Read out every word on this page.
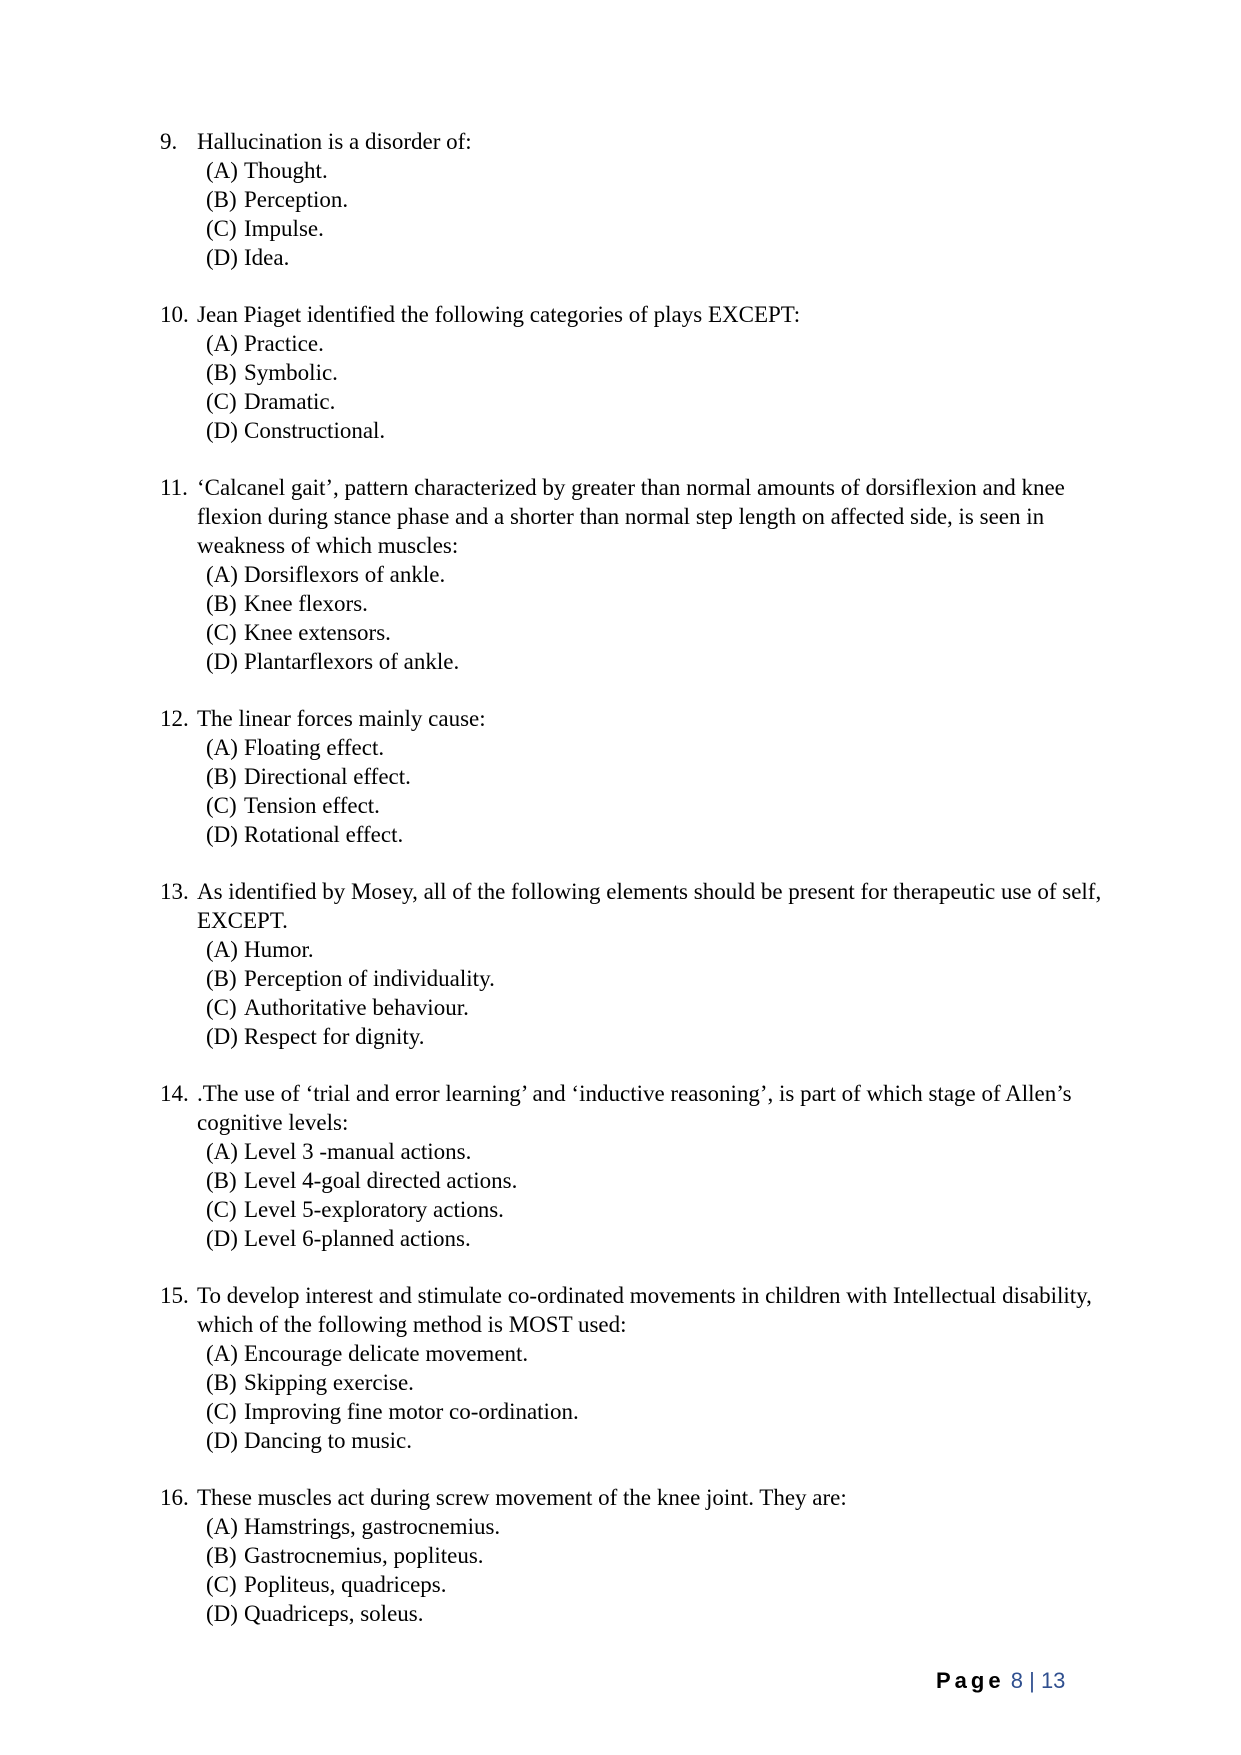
9. Hallucination is a disorder of:
(A) Thought.
(B) Perception.
(C) Impulse.
(D) Idea.
10. Jean Piaget identified the following categories of plays EXCEPT:
(A) Practice.
(B) Symbolic.
(C) Dramatic.
(D) Constructional.
11. ‘Calcanel gait’, pattern characterized by greater than normal amounts of dorsiflexion and knee flexion during stance phase and a shorter than normal step length on affected side, is seen in weakness of which muscles:
(A) Dorsiflexors of ankle.
(B) Knee flexors.
(C) Knee extensors.
(D) Plantarflexors of ankle.
12. The linear forces mainly cause:
(A) Floating effect.
(B) Directional effect.
(C) Tension effect.
(D) Rotational effect.
13. As identified by Mosey, all of the following elements should be present for therapeutic use of self, EXCEPT.
(A) Humor.
(B) Perception of individuality.
(C) Authoritative behaviour.
(D) Respect for dignity.
14. .The use of ‘trial and error learning’ and ‘inductive reasoning’, is part of which stage of Allen’s cognitive levels:
(A) Level 3 -manual actions.
(B) Level 4-goal directed actions.
(C) Level 5-exploratory actions.
(D) Level 6-planned actions.
15. To develop interest and stimulate co-ordinated movements in children with Intellectual disability, which of the following method is MOST used:
(A) Encourage delicate movement.
(B) Skipping exercise.
(C) Improving fine motor co-ordination.
(D) Dancing to music.
16. These muscles act during screw movement of the knee joint. They are:
(A) Hamstrings, gastrocnemius.
(B) Gastrocnemius, popliteus.
(C) Popliteus, quadriceps.
(D) Quadriceps, soleus.
Page 8 | 13
